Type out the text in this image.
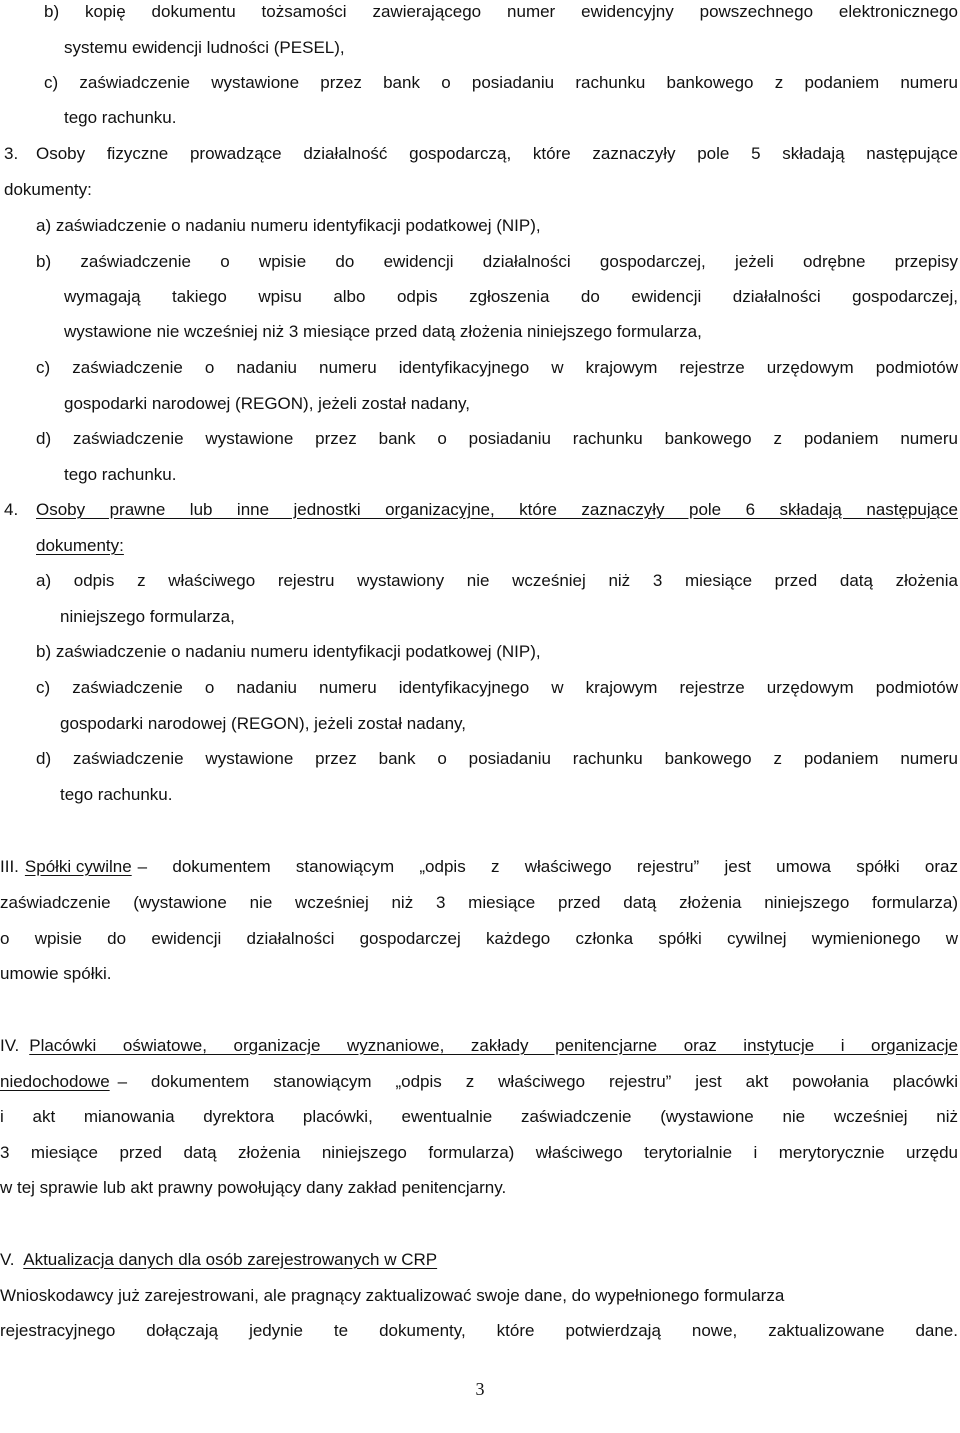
b) kopię dokumentu tożsamości zawierającego numer ewidencyjny powszechnego elektronicznego

systemu ewidencji ludności (PESEL),

c) zaświadczenie wystawione przez bank o posiadaniu rachunku bankowego z podaniem numeru

tego rachunku.

3. Osoby fizyczne prowadzące działalność gospodarczą, które zaznaczyły pole 5 składają następujące

dokumenty:

a) zaświadczenie o nadaniu numeru identyfikacji podatkowej (NIP),

b) zaświadczenie o wpisie do ewidencji działalności gospodarczej, jeżeli odrębne przepisy

wymagają takiego wpisu albo odpis zgłoszenia do ewidencji działalności gospodarczej,

wystawione nie wcześniej niż 3 miesiące przed datą złożenia niniejszego formularza,

c) zaświadczenie o nadaniu numeru identyfikacyjnego w krajowym rejestrze urzędowym podmiotów

gospodarki narodowej (REGON), jeżeli został nadany,

d) zaświadczenie wystawione przez bank o posiadaniu rachunku bankowego z podaniem numeru

tego rachunku.

4. Osoby prawne lub inne jednostki organizacyjne, które zaznaczyły pole 6 składają następujące

dokumenty:

a) odpis z właściwego rejestru wystawiony nie wcześniej niż 3 miesiące przed datą złożenia

niniejszego formularza,

b) zaświadczenie o nadaniu numeru identyfikacji podatkowej (NIP),

c) zaświadczenie o nadaniu numeru identyfikacyjnego w krajowym rejestrze urzędowym podmiotów

gospodarki narodowej (REGON), jeżeli został nadany,

d) zaświadczenie wystawione przez bank o posiadaniu rachunku bankowego z podaniem numeru

tego rachunku.

III. Spółki cywilne – dokumentem stanowiącym „odpis z właściwego rejestru” jest umowa spółki oraz

zaświadczenie (wystawione nie wcześniej niż 3 miesiące przed datą złożenia niniejszego formularza)

o wpisie do ewidencji działalności gospodarczej każdego członka spółki cywilnej wymienionego w

umowie spółki.

IV. Placówki oświatowe, organizacje wyznaniowe, zakłady penitencjarne oraz instytucje i organizacje
niedochodowe – dokumentem stanowiącym „odpis z właściwego rejestru” jest akt powołania placówki

i akt mianowania dyrektora placówki, ewentualnie zaświadczenie (wystawione nie wcześniej niż

3 miesiące przed datą złożenia niniejszego formularza) właściwego terytorialnie i merytorycznie urzędu

w tej sprawie lub akt prawny powołujący dany zakład penitencjarny.

V. Aktualizacja danych dla osób zarejestrowanych w CRP

Wnioskodawcy już zarejestrowani, ale pragnący zaktualizować swoje dane, do wypełnionego formularza

rejestracyjnego dołączają jedynie te dokumenty, które potwierdzają nowe, zaktualizowane dane.

3
